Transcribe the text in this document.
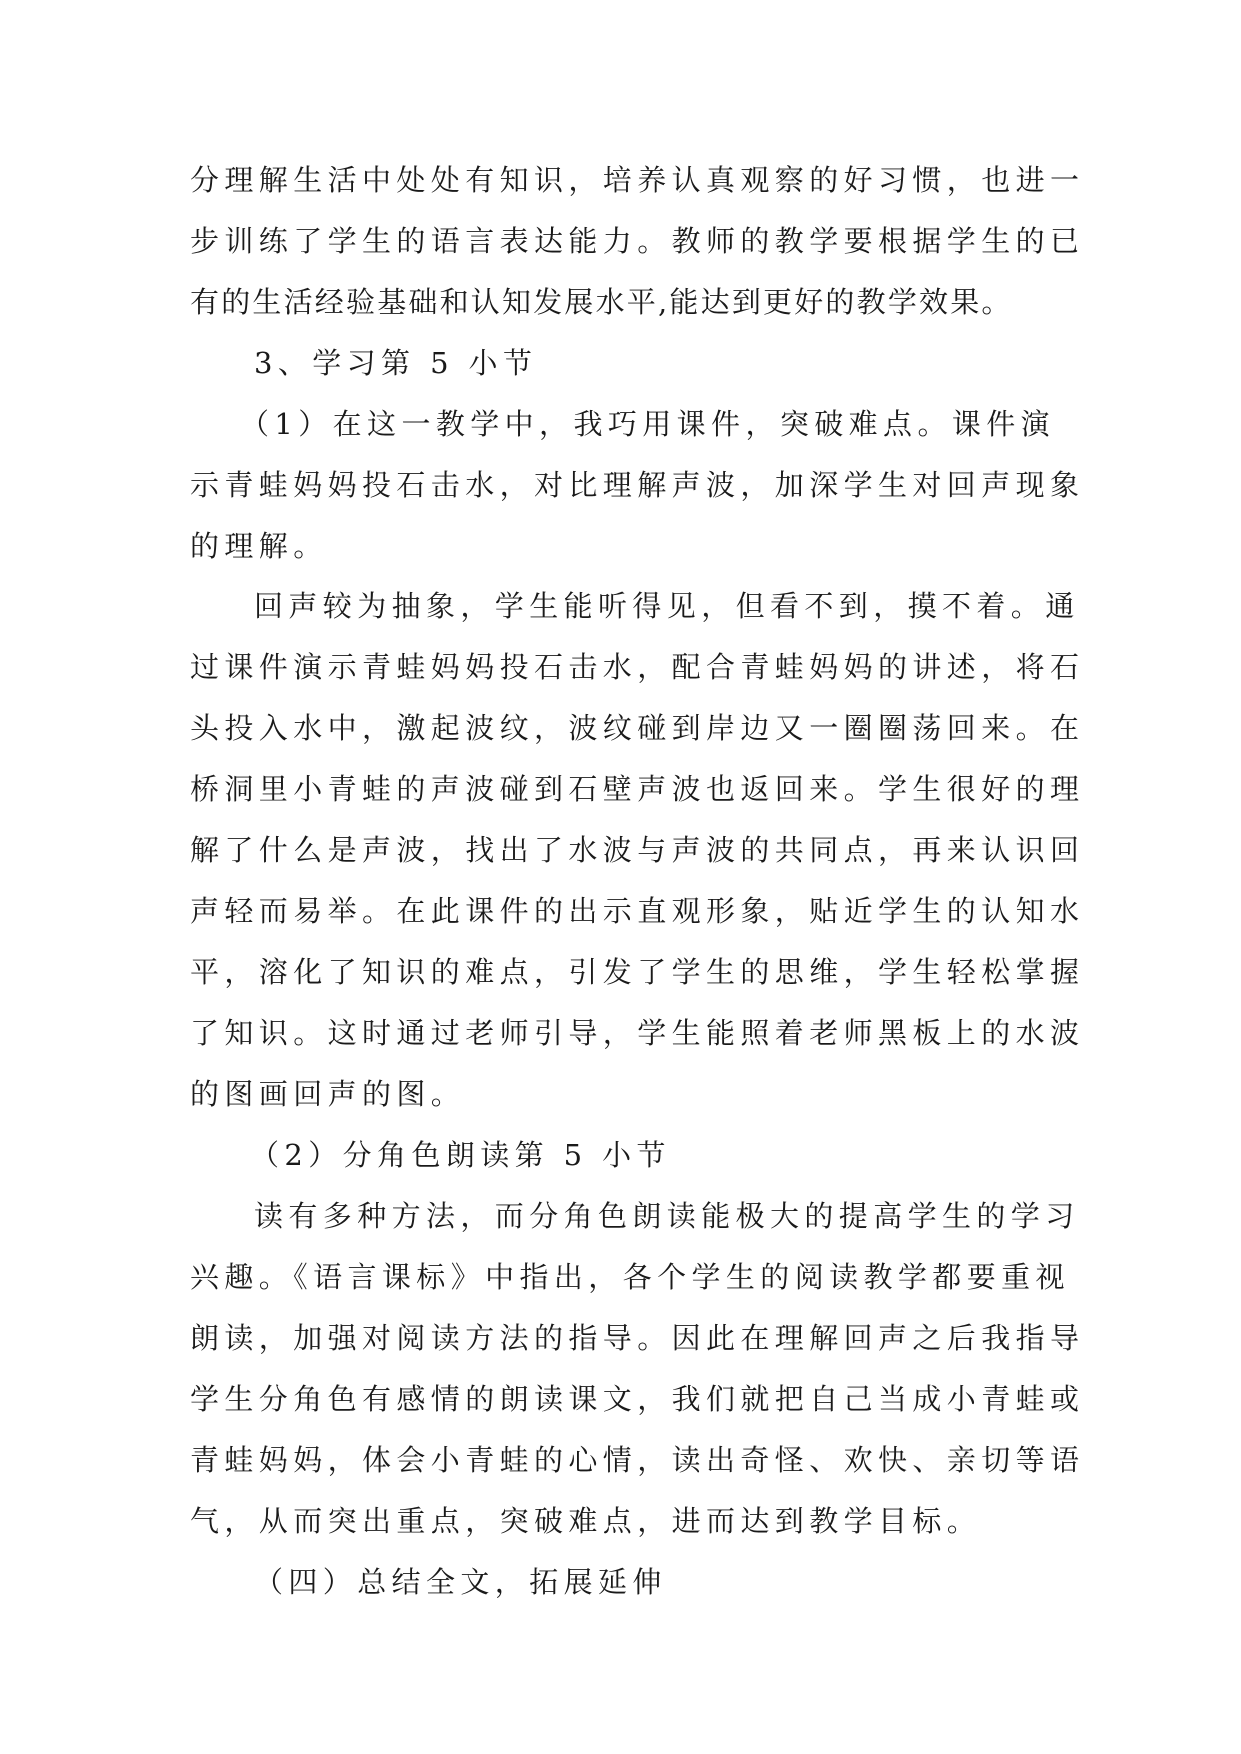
分理解生活中处处有知识，培养认真观察的好习惯，也进一
步训练了学生的语言表达能力。教师的教学要根据学生的已
有的生活经验基础和认知发展水平,能达到更好的教学效果。
3、学习第 5 小节
（1）在这一教学中，我巧用课件，突破难点。课件演
示青蛙妈妈投石击水，对比理解声波，加深学生对回声现象
的理解。
回声较为抽象，学生能听得见，但看不到，摸不着。通
过课件演示青蛙妈妈投石击水，配合青蛙妈妈的讲述，将石
头投入水中，激起波纹，波纹碰到岸边又一圈圈荡回来。在
桥洞里小青蛙的声波碰到石壁声波也返回来。学生很好的理
解了什么是声波，找出了水波与声波的共同点，再来认识回
声轻而易举。在此课件的出示直观形象，贴近学生的认知水
平，溶化了知识的难点，引发了学生的思维，学生轻松掌握
了知识。这时通过老师引导，学生能照着老师黑板上的水波
的图画回声的图。
（2）分角色朗读第 5 小节
读有多种方法，而分角色朗读能极大的提高学生的学习
兴趣。《语言课标》中指出，各个学生的阅读教学都要重视
朗读，加强对阅读方法的指导。因此在理解回声之后我指导
学生分角色有感情的朗读课文，我们就把自己当成小青蛙或
青蛙妈妈，体会小青蛙的心情，读出奇怪、欢快、亲切等语
气，从而突出重点，突破难点，进而达到教学目标。
（四）总结全文，拓展延伸
